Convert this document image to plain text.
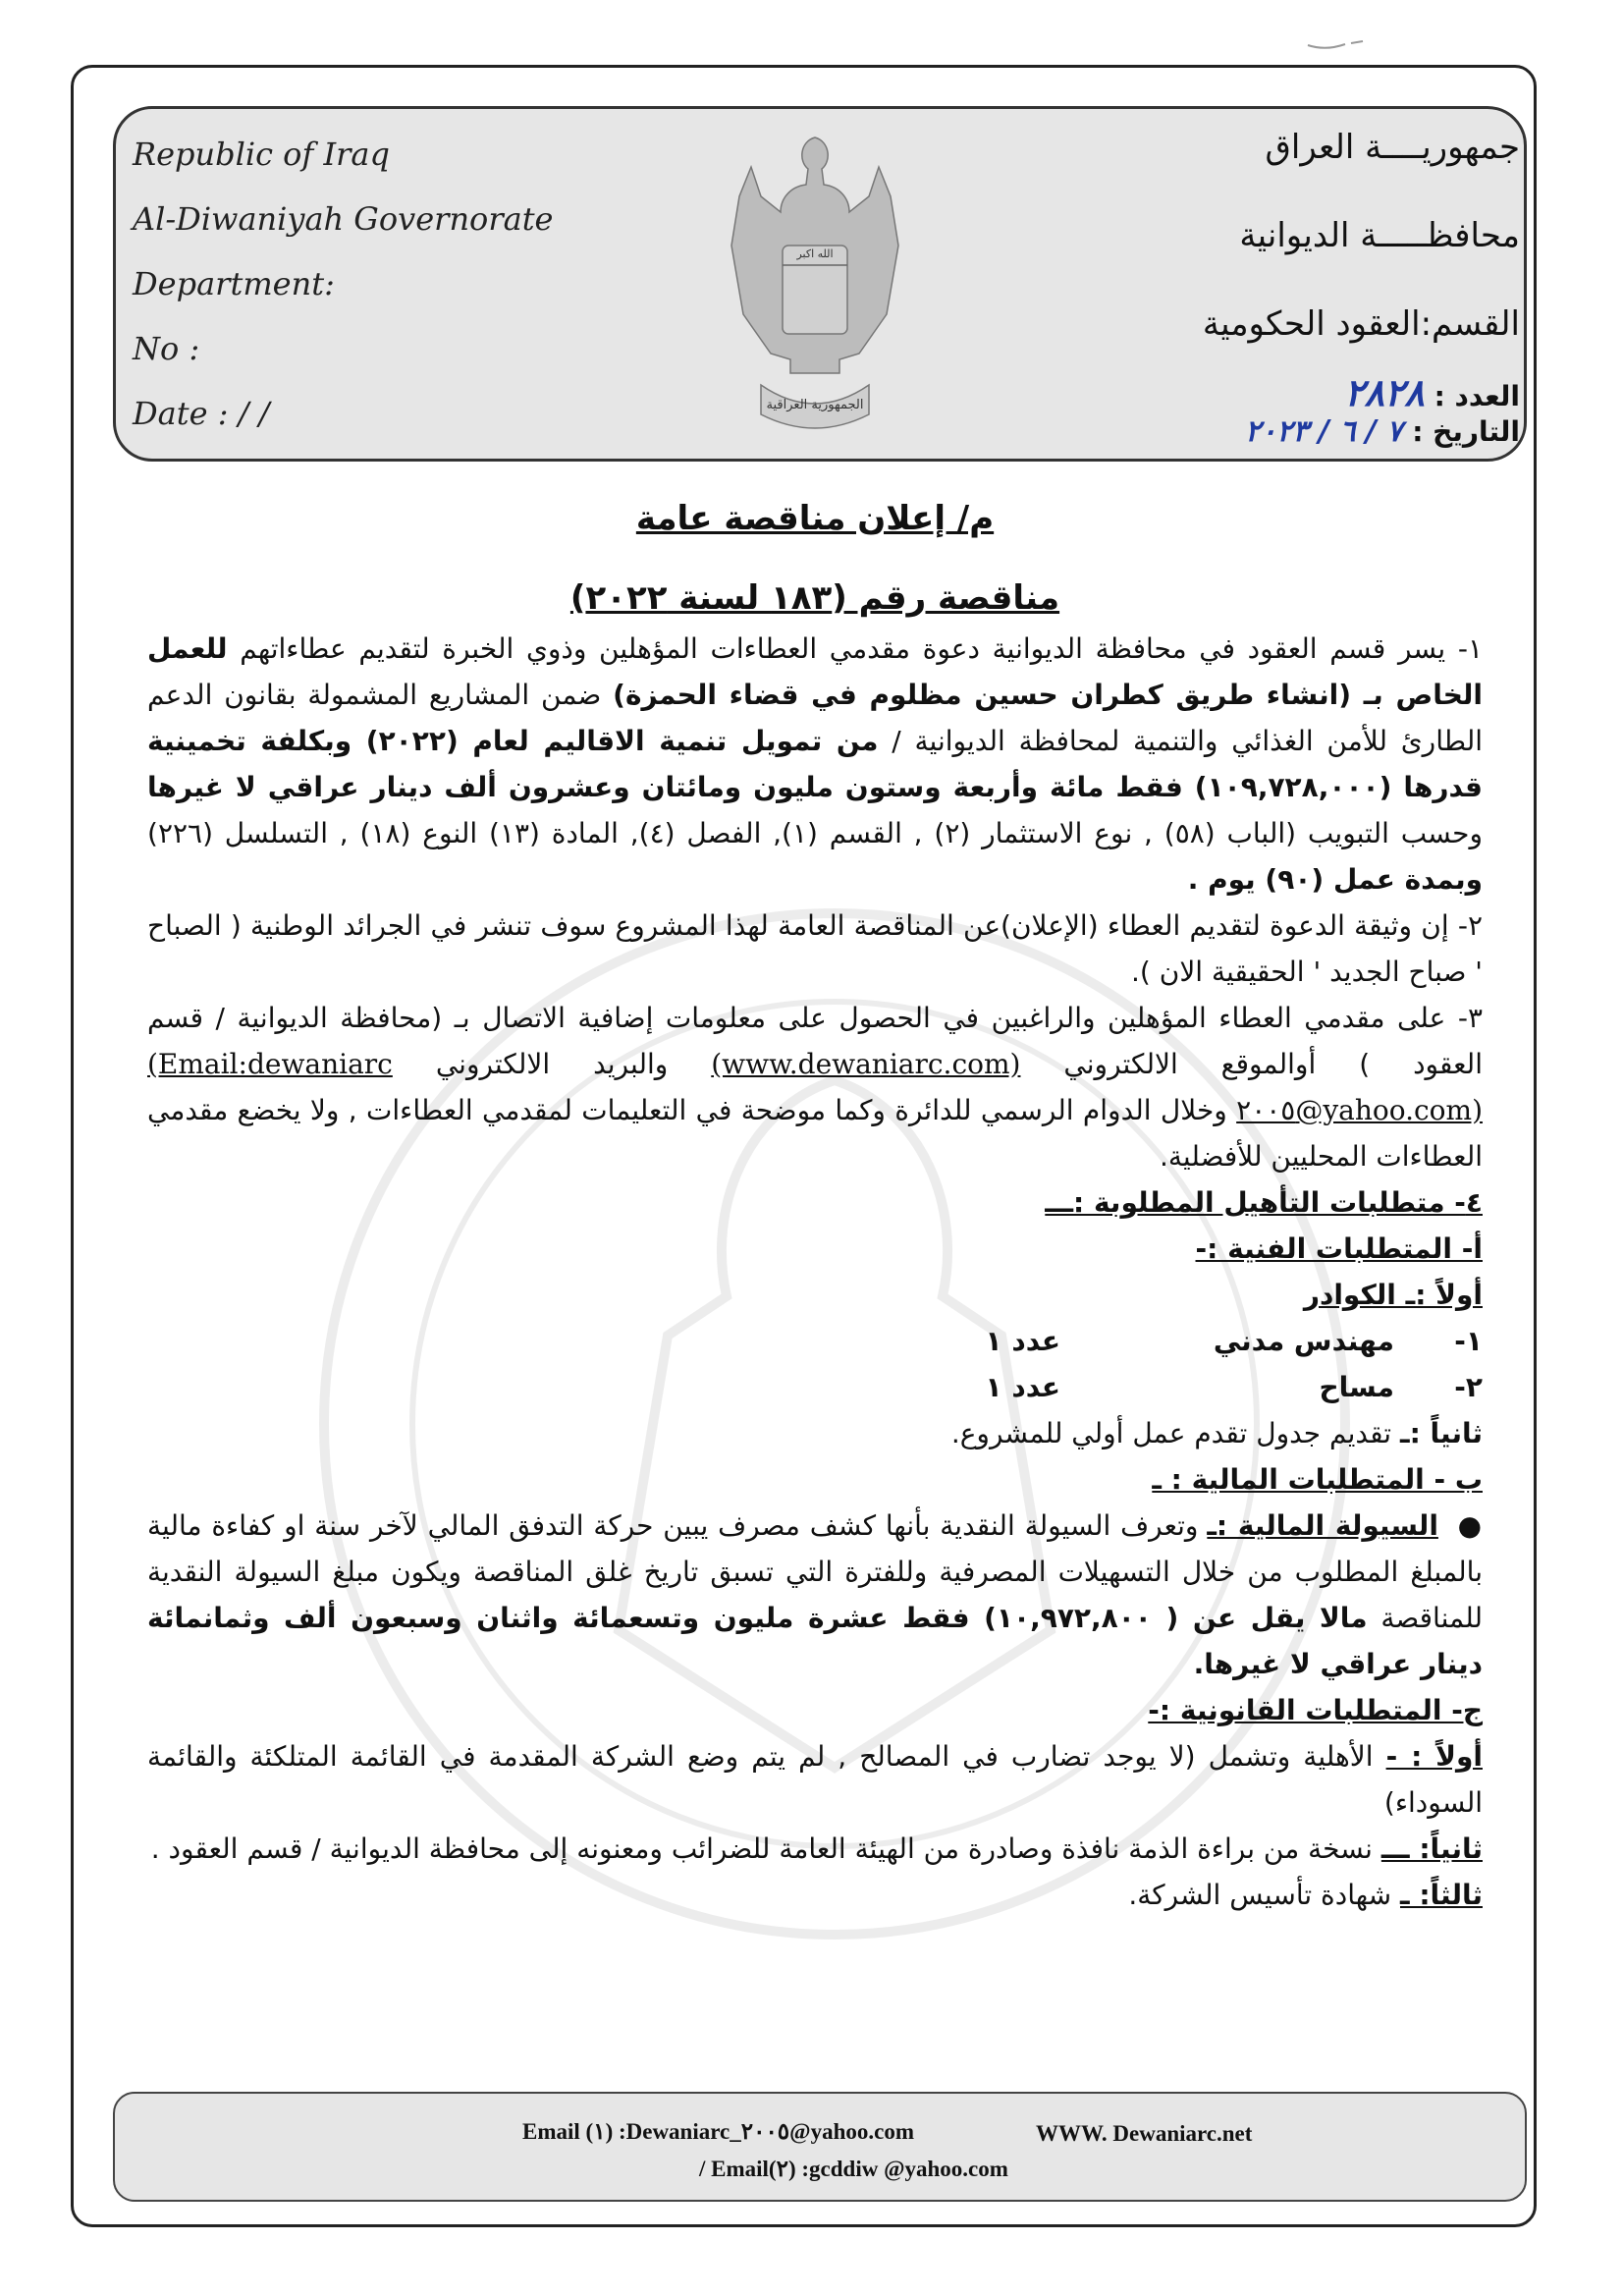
Republic of Iraq
Al-Diwaniyah Governorate
Department:
No :
Date : / /
الله اكبر
الجمهورية العراقية
جمهوريــــة العراق
محافظـــــة الديوانية
القسم:العقود الحكومية
العدد : ٢٨٢٨
التاريخ : ٧ / ٦ / ٢٠٢٣

م/ إعلان مناقصة عامة

مناقصة رقم (١٨٣ لسنة ٢٠٢٢)

١- يسر قسم العقود في محافظة الديوانية دعوة مقدمي العطاءات المؤهلين وذوي الخبرة لتقديم عطاءاتهم للعمل الخاص بـ (انشاء طريق كطران حسين مظلوم في قضاء الحمزة) ضمن المشاريع المشمولة بقانون الدعم الطارئ للأمن الغذائي والتنمية لمحافظة الديوانية / من تمويل تنمية الاقاليم لعام (٢٠٢٢) وبكلفة تخمينية قدرها (١٠٩,٧٢٨,٠٠٠) فقط مائة وأربعة وستون مليون ومائتان وعشرون ألف دينار عراقي لا غيرها وحسب التبويب (الباب (٥٨) , نوع الاستثمار (٢) , القسم (١), الفصل (٤), المادة (١٣) النوع (١٨) , التسلسل (٢٢٦) وبمدة عمل (٩٠) يوم .

٢- إن وثيقة الدعوة لتقديم العطاء (الإعلان)عن المناقصة العامة لهذا المشروع سوف تنشر في الجرائد الوطنية ( الصباح ' صباح الجديد ' الحقيقية الان ).

٣- على مقدمي العطاء المؤهلين والراغبين في الحصول على معلومات إضافية الاتصال بـ (محافظة الديوانية / قسم العقود ) أوالموقع الالكتروني (www.dewaniarc.com) والبريد الالكتروني (Email:dewaniarc ٢٠٠٥@yahoo.com) وخلال الدوام الرسمي للدائرة وكما موضحة في التعليمات لمقدمي العطاءات , ولا يخضع مقدمي العطاءات المحليين للأفضلية.

٤- متطلبات التأهيل المطلوبة :ـــ

أ- المتطلبات الفنية :-

أولاً :ـ الكوادر

١-
مهندس مدني
عدد ١
٢-
مساح
عدد ١

ثانياً :ـ تقديم جدول تقدم عمل أولي للمشروع.

ب - المتطلبات المالية : ـ

●  السيولة المالية :ـ وتعرف السيولة النقدية بأنها كشف مصرف يبين حركة التدفق المالي لآخر سنة او كفاءة مالية بالمبلغ المطلوب من خلال التسهيلات المصرفية وللفترة التي تسبق تاريخ غلق المناقصة ويكون مبلغ السيولة النقدية للمناقصة مالا يقل عن ( ١٠,٩٧٢,٨٠٠) فقط عشرة مليون وتسعمائة واثنان وسبعون ألف وثمانمائة دينار عراقي لا غيرها.

ج- المتطلبات القانونية :-

أولاً : - الأهلية وتشمل (لا يوجد تضارب في المصالح , لم يتم وضع الشركة المقدمة في القائمة المتلكئة والقائمة السوداء)

ثانياً: ـــ نسخة من براءة الذمة نافذة وصادرة من الهيئة العامة للضرائب ومعنونه إلى محافظة الديوانية / قسم العقود .

ثالثاً: ـ شهادة تأسيس الشركة.

Email (١) :Dewaniarc_٢٠٠٥@yahoo.com	WWW. Dewaniarc.net
/ Email(٢) :gcddiw @yahoo.com
